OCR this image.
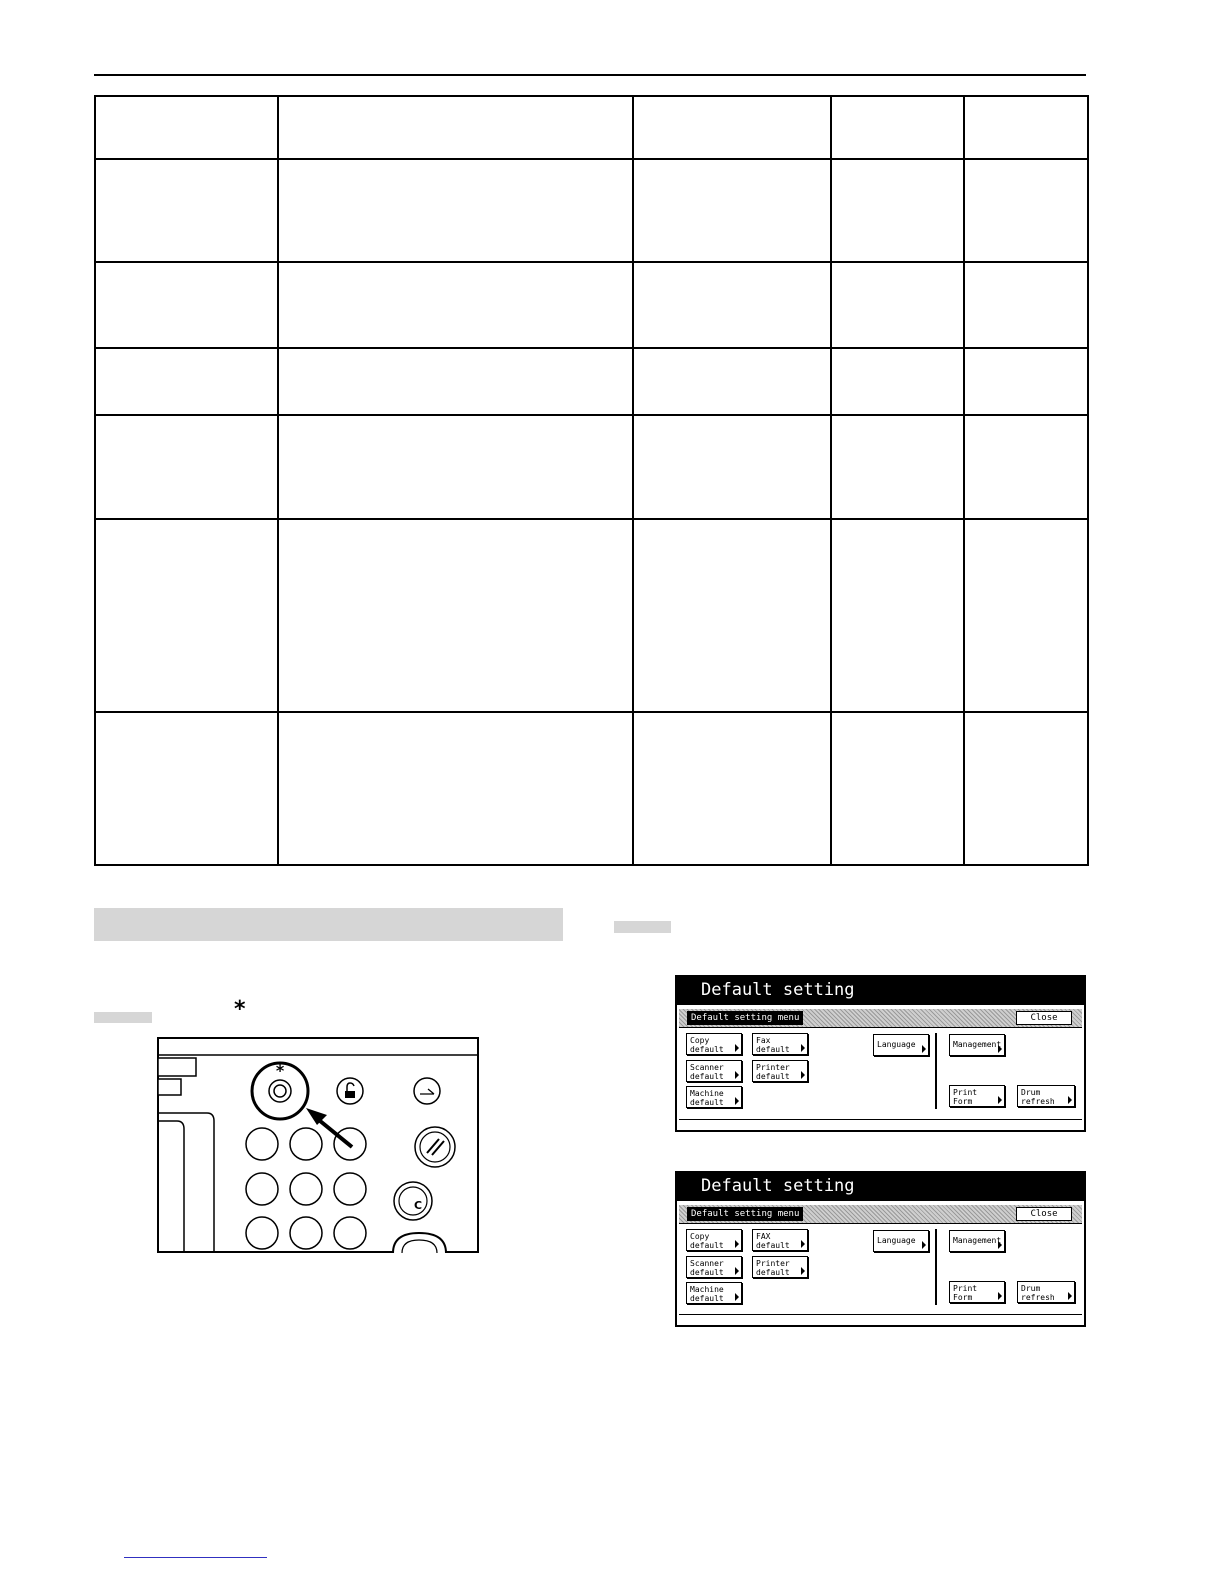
*
*
C
Default setting
Default setting menu	Close
Copy
default
Fax
default
Language	Management
Scanner
default
Printer
default
Machine
default
Print
Form
Drum
refresh
Default setting
Default setting menu	Close
Copy
default
FAX
default
Language	Management
Scanner
default
Printer
default
Machine
default
Print
Form
Drum
refresh
